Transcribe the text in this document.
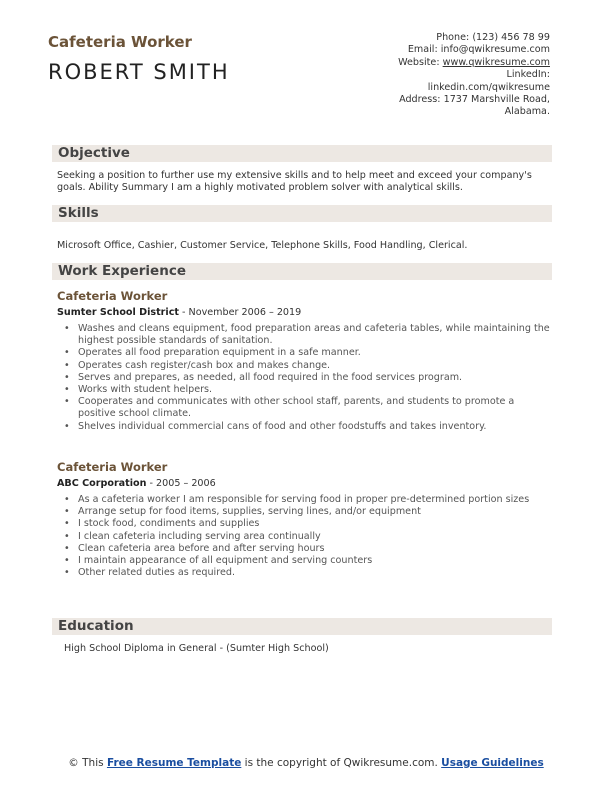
Cafeteria Worker
ROBERT SMITH
Phone: (123) 456 78 99
Email: info@qwikresume.com
Website: www.qwikresume.com
LinkedIn:
linkedin.com/qwikresume
Address: 1737 Marshville Road,
Alabama.
Objective
Seeking a position to further use my extensive skills and to help meet and exceed your company's goals. Ability Summary I am a highly motivated problem solver with analytical skills.
Skills
Microsoft Office, Cashier, Customer Service, Telephone Skills, Food Handling, Clerical.
Work Experience
Cafeteria Worker
Sumter School District - November 2006 – 2019
• Washes and cleans equipment, food preparation areas and cafeteria tables, while maintaining the highest possible standards of sanitation.
• Operates all food preparation equipment in a safe manner.
• Operates cash register/cash box and makes change.
• Serves and prepares, as needed, all food required in the food services program.
• Works with student helpers.
• Cooperates and communicates with other school staff, parents, and students to promote a positive school climate.
• Shelves individual commercial cans of food and other foodstuffs and takes inventory.
Cafeteria Worker
ABC Corporation - 2005 – 2006
• As a cafeteria worker I am responsible for serving food in proper pre-determined portion sizes
• Arrange setup for food items, supplies, serving lines, and/or equipment
• I stock food, condiments and supplies
• I clean cafeteria including serving area continually
• Clean cafeteria area before and after serving hours
• I maintain appearance of all equipment and serving counters
• Other related duties as required.
Education
High School Diploma in General - (Sumter High School)
© This Free Resume Template is the copyright of Qwikresume.com. Usage Guidelines
